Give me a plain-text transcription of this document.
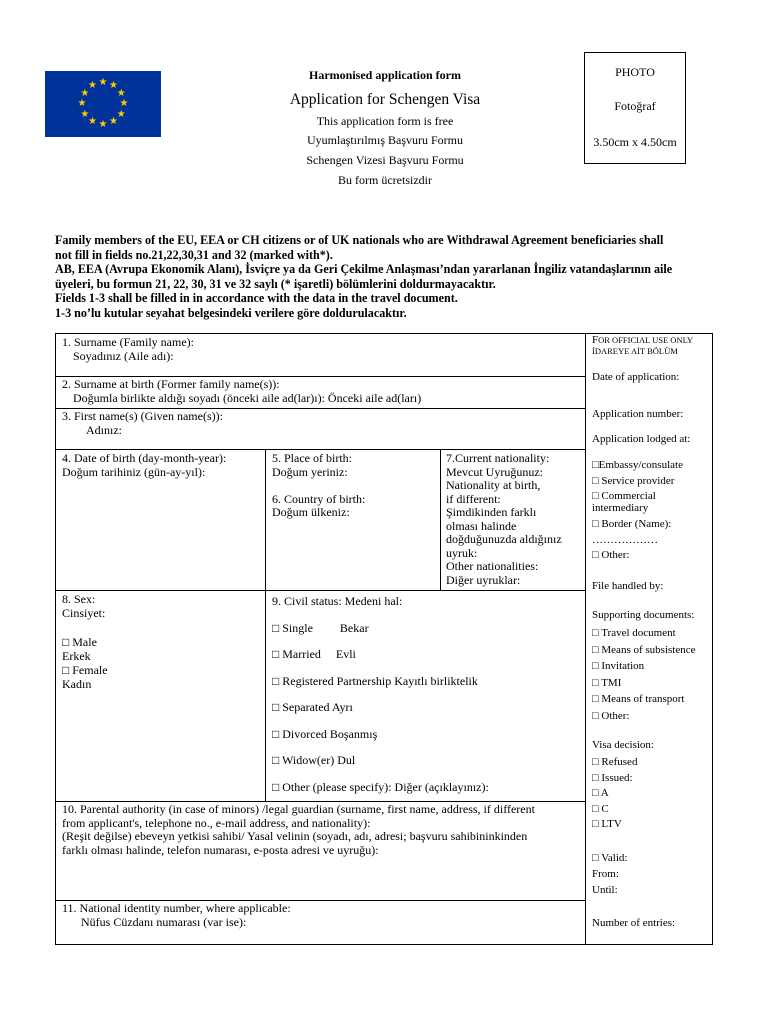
★ ★
★
★
★
★
★
★
★
★
★
★
Harmonised application form
Application for Schengen Visa
This application form is free
Uyumlaştırılmış Başvuru Formu
Schengen Vizesi Başvuru Formu
Bu form ücretsizdir
PHOTO
Fotoğraf
3.50cm x 4.50cm
Family members of the EU, EEA or CH citizens or of UK nationals who are Withdrawal Agreement beneficiaries shall
not fill in fields no.21,22,30,31 and 32 (marked with*).
AB, EEA (Avrupa Ekonomik Alanı), İsviçre ya da Geri Çekilme Anlaşması’ndan yararlanan İngiliz vatandaşlarının aile
üyeleri, bu formun 21, 22, 30, 31 ve 32 saylı (* işaretli) bölümlerini doldurmayacaktır.
Fields 1-3 shall be filled in in accordance with the data in the travel document.
1-3 no’lu kutular seyahat belgesindeki verilere göre doldurulacaktır.
1. Surname (Family name):
Soyadınız (Aile adı):
2. Surname at birth (Former family name(s)):
Doğumla birlikte aldığı soyadı (önceki aile ad(lar)ı): Önceki aile ad(ları)
3. First name(s) (Given name(s)):
Adınız:
4. Date of birth (day-month-year):
Doğum tarihiniz (gün-ay-yıl):
5. Place of birth:
Doğum yeriniz:
6. Country of birth:
Doğum ülkeniz:
7.Current nationality:
Mevcut Uyruğunuz:
Nationality at birth,
if different:
Şimdikinden farklı
olması halinde
doğduğunuzda aldığınız
uyruk:
Other nationalities:
Diğer uyruklar:
8. Sex:
Cinsiyet:
□ Male
Erkek
□ Female
Kadın
9. Civil status: Medeni hal:
□ Single         Bekar
□ Married     Evli
□ Registered Partnership Kayıtlı birliktelik
□ Separated Ayrı
□ Divorced Boşanmış
□ Widow(er) Dul
□ Other (please specify): Diğer (açıklayınız):
10. Parental authority (in case of minors) /legal guardian (surname, first name, address, if different
from applicant's, telephone no., e-mail address, and nationality):
(Reşit değilse) ebeveyn yetkisi sahibi/ Yasal velinin (soyadı, adı, adresi; başvuru sahibininkinden
farklı olması halinde, telefon numarası, e-posta adresi ve uyruğu):
11. National identity number, where applicable:
Nüfus Cüzdanı numarası (var ise):
FOR OFFICIAL USE ONLY
İDAREYE AİT BÖLÜM
Date of application:
Application number:
Application lodged at:
□Embassy/consulate
□ Service provider
□ Commercial
intermediary
□ Border (Name):
………………
□ Other:
File handled by:
Supporting documents:
□ Travel document
□ Means of subsistence
□ Invitation
□ TMI
□ Means of transport
□ Other:
Visa decision:
□ Refused
□ Issued:
□ A
□ C
□ LTV
□ Valid:
From:
Until:
Number of entries:
